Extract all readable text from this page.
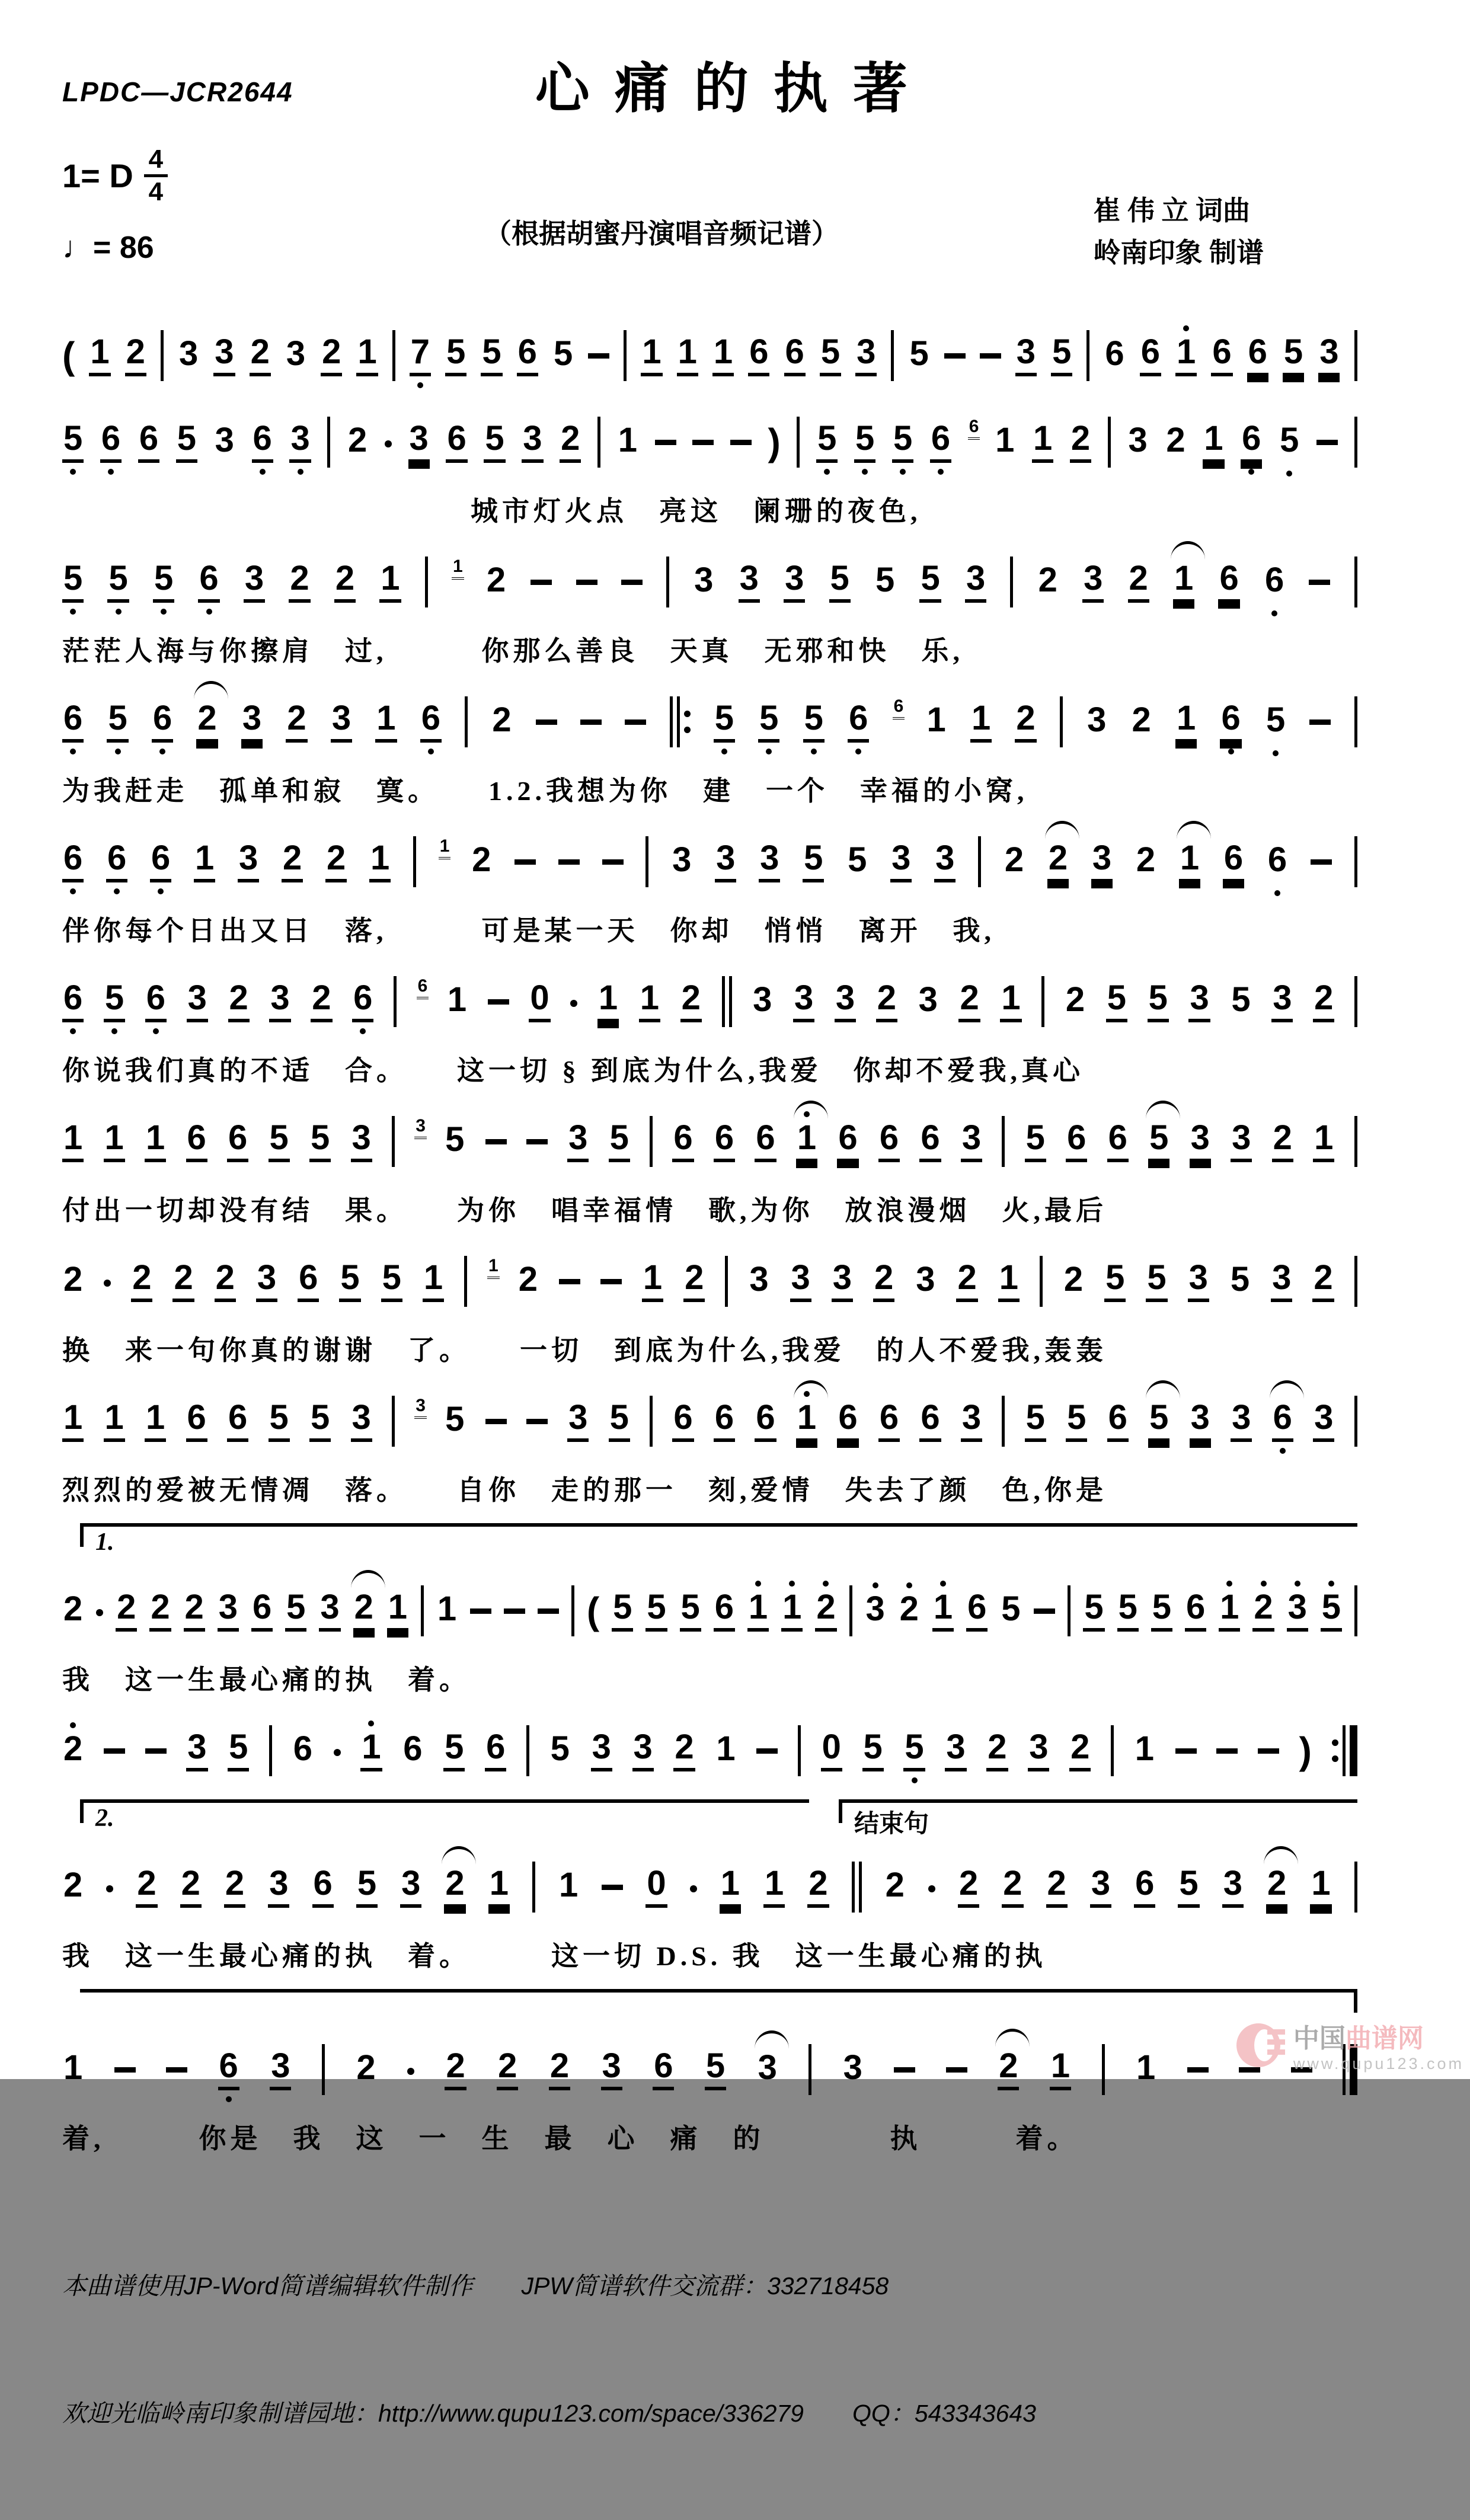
LPDC—JCR2644	心痛的执著
1= D 4
4
♩= 86	（根据胡蜜丹演唱音频记谱）
崔 伟 立 词曲
岭南印象 制谱
( 1 2 3 3 2 3 2 1 7 5 5 6 5 1 1 1 6 6 5 3 5	3 5 6 6 1 6 6 5 3
5 6 6 5 3 6 3 2 3 6 5 3 2 1	) 5 5 5 6 6 1 1 2 3 2 1 6 5
　　　　　　　　　　　　　城市灯火点　亮这　阑珊的夜色,
5 5 5 6 3 2 2 1	1 2	3 3 3 5 5 5 3 2 3 2 1 6 6
茫茫人海与你擦肩　过,　　　你那么善良　天真　无邪和快　乐,
6 5 6 2 3 2 3 1 6 2	5 5 5 6 6 1 1 2 3 2 1 6 5
为我赶走　孤单和寂　寞。　　1.2.我想为你　建　一个　幸福的小窝,
6 6 6 1 3 2 2 1	1 2	3 3 3 5 5 3 3 2 2 3 2 1 6 6
伴你每个日出又日　落,　　　可是某一天　你却　悄悄　离开　我,
6 5 6 3 2 3 2 6	6 1 0 1 1 2 3 3 3 2 3 2 1 2 5 5 3 5 3 2
你说我们真的不适　合。　　这一切 § 到底为什么,我爱　你却不爱我,真心
1 1 1 6 6 5 5 3	3 5	3 5 6 6 6 1 6 6 6 3 5 6 6 5 3 3 2 1
付出一切却没有结　果。　　为你　唱幸福情　歌,为你　放浪漫烟　火,最后
2 2 2 2 3 6 5 5 1	1 2	1 2 3 3 3 2 3 2 1 2 5 5 3 5 3 2
换　来一句你真的谢谢　了。　　一切　到底为什么,我爱　的人不爱我,轰轰
1 1 1 6 6 5 5 3	3 5	3 5 6 6 6 1 6 6 6 3 5 5 6 5 3 3 6 3
烈烈的爱被无情凋　落。　　自你　走的那一　刻,爱情　失去了颜　色,你是
1.
2 2 2 2 3 6 5 3 2 1 1	( 5 5 5 6 1 1 2 3 2 1 6 5 5 5 5 6 1 2 3 5
我　这一生最心痛的执　着。
2	3 5 6 1 6 5 6 5 3 3 2 1	0 5 5 3 2 3 2 1	)
2.	结束句
2 2 2 2 3 6 5 3 2 1 1 0 1 1 2 2 2 2 2 3 6 5 3 2 1
我　这一生最心痛的执　着。　　　这一切 D.S. 我　这一生最心痛的执
1	6 3 2 2 2 2 3 6 5 3 3	2 1 1
着,　　　你是　我　这　一　生　最　心　痛　的　　　　执　　　着。

本曲谱使用JP-Word简谱编辑软件制作　　JPW简谱软件交流群：332718458

欢迎光临岭南印象制谱园地：http://www.qupu123.com/space/336279　　QQ：543343643

中国曲谱网
www.qupu123.com
